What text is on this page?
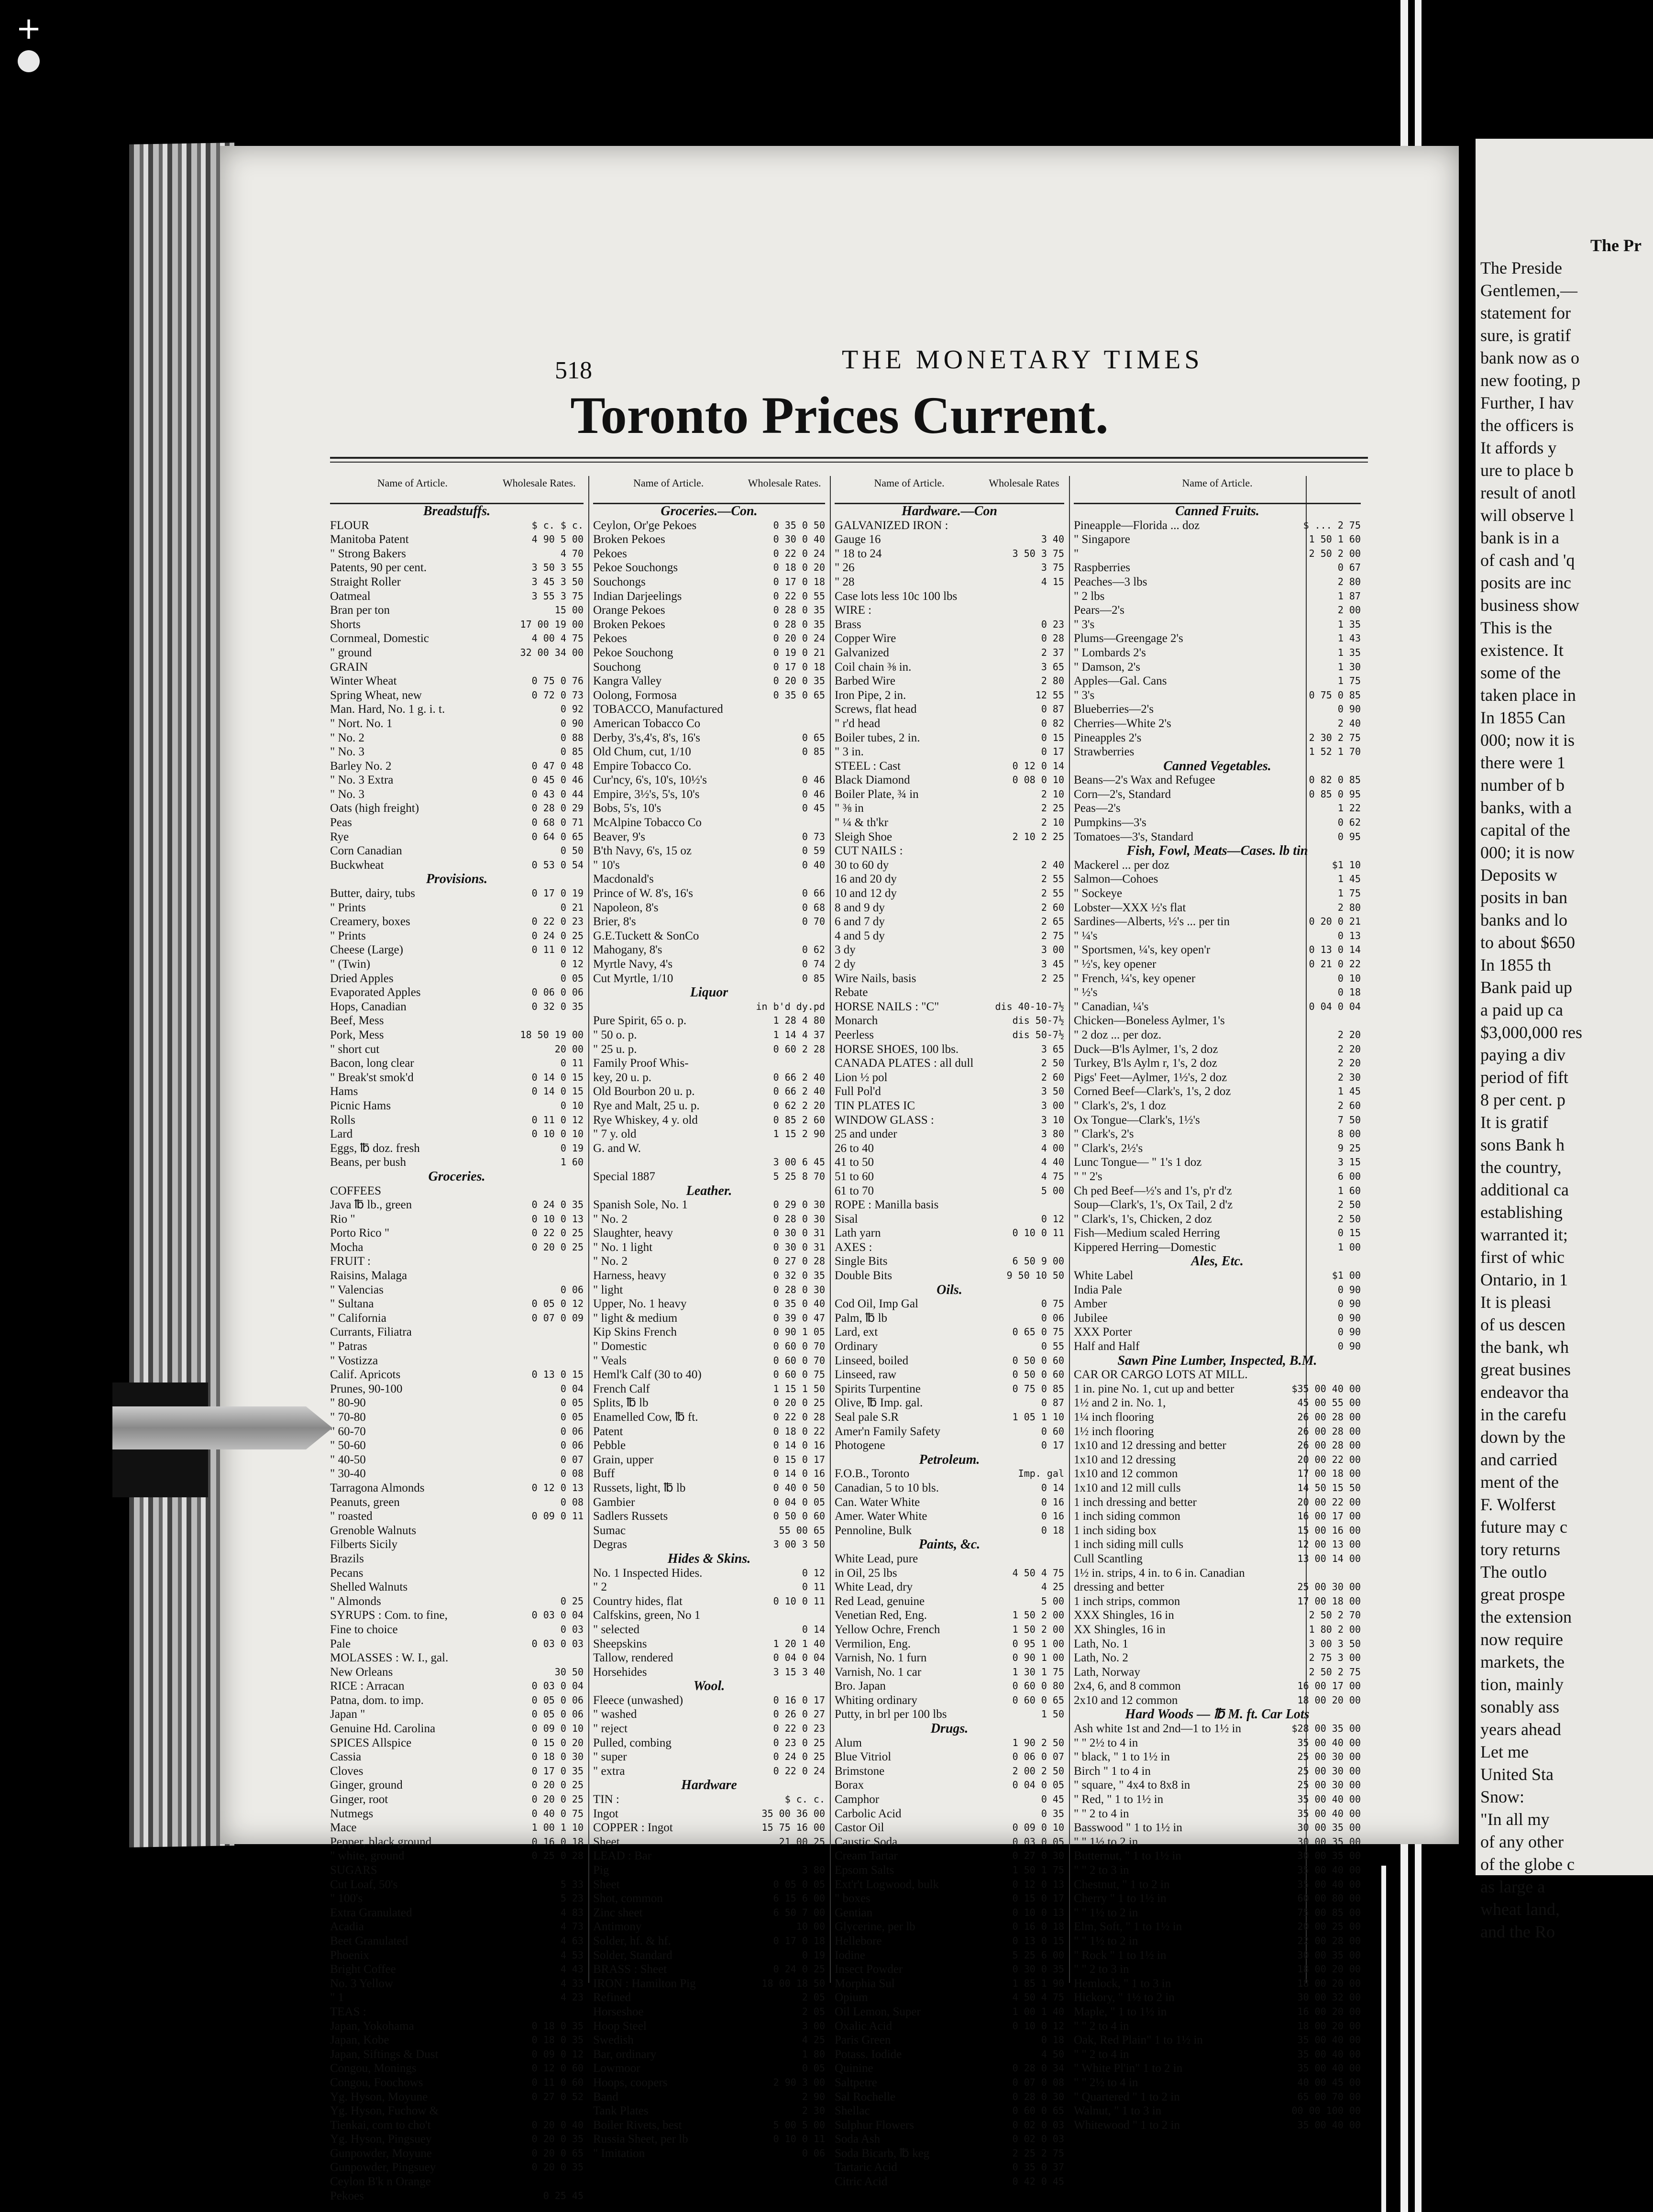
+
518	THE MONETARY TIMES
Toronto Prices Current.
Name of Article.	Wholesale Rates.
Breadstuffs.
FLOUR	$ c. $ c.
Manitoba Patent	4 90 5 00
" Strong Bakers	4 70
Patents, 90 per cent.	3 50 3 55
Straight Roller	3 45 3 50
Oatmeal	3 55 3 75
Bran per ton	15 00
Shorts	17 00 19 00
Cornmeal, Domestic	4 00 4 75
" ground	32 00 34 00
GRAIN
Winter Wheat	0 75 0 76
Spring Wheat, new	0 72 0 73
Man. Hard, No. 1 g. i. t.	0 92
" Nort. No. 1	0 90
" No. 2	0 88
" No. 3	0 85
Barley No. 2	0 47 0 48
" No. 3 Extra	0 45 0 46
" No. 3	0 43 0 44
Oats (high freight)	0 28 0 29
Peas	0 68 0 71
Rye	0 64 0 65
Corn Canadian	0 50
Buckwheat	0 53 0 54
Provisions.
Butter, dairy, tubs	0 17 0 19
" Prints	0 21
Creamery, boxes	0 22 0 23
" Prints	0 24 0 25
Cheese (Large)	0 11 0 12
" (Twin)	0 12
Dried Apples	0 05
Evaporated Apples	0 06 0 06
Hops, Canadian	0 32 0 35
Beef, Mess
Pork, Mess	18 50 19 00
" short cut	20 00
Bacon, long clear	0 11
" Break'st smok'd	0 14 0 15
Hams	0 14 0 15
Picnic Hams	0 10
Rolls	0 11 0 12
Lard	0 10 0 10
Eggs, ℔ doz. fresh	0 19
Beans, per bush	1 60
Groceries.
COFFEES
Java ℔ lb., green	0 24 0 35
Rio "	0 10 0 13
Porto Rico "	0 22 0 25
Mocha	0 20 0 25
FRUIT :
Raisins, Malaga
" Valencias	0 06
" Sultana	0 05 0 12
" California	0 07 0 09
Currants, Filiatra
" Patras
" Vostizza
Calif. Apricots	0 13 0 15
Prunes, 90-100	0 04
" 80-90	0 05
" 70-80	0 05
" 60-70	0 06
" 50-60	0 06
" 40-50	0 07
" 30-40	0 08
Tarragona Almonds	0 12 0 13
Peanuts, green	0 08
" roasted	0 09 0 11
Grenoble Walnuts
Filberts Sicily
Brazils
Pecans
Shelled Walnuts
" Almonds	0 25
SYRUPS : Com. to fine,	0 03 0 04
Fine to choice	0 03
Pale	0 03 0 03
MOLASSES : W. I., gal.
New Orleans	30 50
RICE : Arracan	0 03 0 04
Patna, dom. to imp.	0 05 0 06
Japan "	0 05 0 06
Genuine Hd. Carolina	0 09 0 10
SPICES Allspice	0 15 0 20
Cassia	0 18 0 30
Cloves	0 17 0 35
Ginger, ground	0 20 0 25
Ginger, root	0 20 0 25
Nutmegs	0 40 0 75
Mace	1 00 1 10
Pepper, black ground	0 16 0 18
" white, ground	0 25 0 28
SUGARS
Cut Loaf, 50's	5 33
" 100's	5 23
Extra Granulated	4 83
Acadia	4 73
Beet Granulated	4 63
Phoenix	4 53
Bright Coffee	4 43
No. 3 Yellow	4 33
" 1	4 23
TEAS :
Japan, Yokohama	0 18 0 35
Japan, Kobe	0 18 0 35
Japan, Siftings & Dust	0 09 0 12
Congou, Monings	0 12 0 60
Congou, Foochows	0 11 0 60
Yg. Hyson, Moyune	0 27 0 52
Yg. Hyson, Fuchow &
Tienkai, com to cho't	0 20 0 40
Yg. Hyson, Pingsuey	0 20 0 35
Gunpowder, Moyune	0 20 0 65
Gunpowder, Pingsuey	0 20 0 35
Ceylon B'k n Orange
Pekoes	0 25 45
Name of Article.	Wholesale Rates.
Groceries.—Con.
Ceylon, Or'ge Pekoes	0 35 0 50
Broken Pekoes	0 30 0 40
Pekoes	0 22 0 24
Pekoe Souchongs	0 18 0 20
Souchongs	0 17 0 18
Indian Darjeelings	0 22 0 55
Orange Pekoes	0 28 0 35
Broken Pekoes	0 28 0 35
Pekoes	0 20 0 24
Pekoe Souchong	0 19 0 21
Souchong	0 17 0 18
Kangra Valley	0 20 0 35
Oolong, Formosa	0 35 0 65
TOBACCO, Manufactured
American Tobacco Co
Derby, 3's,4's, 8's, 16's	0 65
Old Chum, cut, 1/10	0 85
Empire Tobacco Co.
Cur'ncy, 6's, 10's, 10½'s	0 46
Empire, 3½'s, 5's, 10's	0 46
Bobs, 5's, 10's	0 45
McAlpine Tobacco Co
Beaver, 9's	0 73
B'th Navy, 6's, 15 oz	0 59
" 10's	0 40
Macdonald's
Prince of W. 8's, 16's	0 66
Napoleon, 8's	0 68
Brier, 8's	0 70
G.E.Tuckett & SonCo
Mahogany, 8's	0 62
Myrtle Navy, 4's	0 74
Cut Myrtle, 1/10	0 85
Liquor
in b'd dy.pd
Pure Spirit, 65 o. p.	1 28 4 80
" 50 o. p.	1 14 4 37
" 25 u. p.	0 60 2 28
Family Proof Whis-
key, 20 u. p.	0 66 2 40
Old Bourbon 20 u. p.	0 66 2 40
Rye and Malt, 25 u. p.	0 62 2 20
Rye Whiskey, 4 y. old	0 85 2 60
" 7 y. old	1 15 2 90
G. and W.
3 00 6 45
Special 1887	5 25 8 70
Leather.
Spanish Sole, No. 1	0 29 0 30
" No. 2	0 28 0 30
Slaughter, heavy	0 30 0 31
" No. 1 light	0 30 0 31
" No. 2	0 27 0 28
Harness, heavy	0 32 0 35
" light	0 28 0 30
Upper, No. 1 heavy	0 35 0 40
" light & medium	0 39 0 47
Kip Skins French	0 90 1 05
" Domestic	0 60 0 70
" Veals	0 60 0 70
Heml'k Calf (30 to 40)	0 60 0 75
French Calf	1 15 1 50
Splits, ℔ lb	0 20 0 25
Enamelled Cow, ℔ ft.	0 22 0 28
Patent	0 18 0 22
Pebble	0 14 0 16
Grain, upper	0 15 0 17
Buff	0 14 0 16
Russets, light, ℔ lb	0 40 0 50
Gambier	0 04 0 05
Sadlers Russets	0 50 0 60
Sumac	55 00 65
Degras	3 00 3 50
Hides & Skins.
No. 1 Inspected Hides.	0 12
" 2	0 11
Country hides, flat	0 10 0 11
Calfskins, green, No 1
" selected	0 14
Sheepskins	1 20 1 40
Tallow, rendered	0 04 0 04
Horsehides	3 15 3 40
Wool.
Fleece (unwashed)	0 16 0 17
" washed	0 26 0 27
" reject	0 22 0 23
Pulled, combing	0 23 0 25
" super	0 24 0 25
" extra	0 22 0 24
Hardware
TIN :	$ c. c.
Ingot	35 00 36 00
COPPER : Ingot	15 75 16 00
Sheet	21 00 25
LEAD : Bar
Pig	3 80
Sheet	0 05 0 05
Shot, common	6 15 6 00
Zinc sheet	6 50 7 00
Antimony	10 00
Solder, hf. & hf.	0 17 0 18
Solder, Standard	0 19
BRASS : Sheet	0 24 0 25
IRON : Hamilton Pig	18 00 18 50
Refined	2 05
Horseshoe	2 05
Hoop Steel	3 00
Swedish	4 25
Bar, ordinary	1 80
Lowmoor	0 05
Hoops, coopers	2 90 3 00
Band	2 90
Tank Plates	2 30
Boiler Rivets, best	5 00 5 00
Russia Sheet, per lb	0 10 0 11
" Imitation	0 06
Name of Article.	Wholesale Rates
Hardware.—Con
GALVANIZED IRON :
Gauge 16	3 40
" 18 to 24	3 50 3 75
" 26	3 75
" 28	4 15
Case lots less 10c 100 lbs
WIRE :
Brass	0 23
Copper Wire	0 28
Galvanized	2 37
Coil chain ⅜ in.	3 65
Barbed Wire	2 80
Iron Pipe, 2 in.	12 55
Screws, flat head	0 87
" r'd head	0 82
Boiler tubes, 2 in.	0 15
" 3 in.	0 17
STEEL : Cast	0 12 0 14
Black Diamond	0 08 0 10
Boiler Plate, ¾ in	2 10
" ⅜ in	2 25
" ¼ & th'kr	2 10
Sleigh Shoe	2 10 2 25
CUT NAILS :
30 to 60 dy	2 40
16 and 20 dy	2 55
10 and 12 dy	2 55
8 and 9 dy	2 60
6 and 7 dy	2 65
4 and 5 dy	2 75
3 dy	3 00
2 dy	3 45
Wire Nails, basis	2 25
Rebate
HORSE NAILS : "C"	dis 40-10-7½
Monarch	dis 50-7½
Peerless	dis 50-7½
HORSE SHOES, 100 lbs.	3 65
CANADA PLATES : all dull	2 50
Lion ½ pol	2 60
Full Pol'd	3 50
TIN PLATES IC	3 00
WINDOW GLASS :	3 10
25 and under	3 80
26 to 40	4 00
41 to 50	4 40
51 to 60	4 75
61 to 70	5 00
ROPE : Manilla basis
Sisal	0 12
Lath yarn	0 10 0 11
AXES :
Single Bits	6 50 9 00
Double Bits	9 50 10 50
Oils.
Cod Oil, Imp Gal	0 75
Palm, ℔ lb	0 06
Lard, ext	0 65 0 75
Ordinary	0 55
Linseed, boiled	0 50 0 60
Linseed, raw	0 50 0 60
Spirits Turpentine	0 75 0 85
Olive, ℔ Imp. gal.	0 87
Seal pale S.R	1 05 1 10
Amer'n Family Safety	0 60
Photogene	0 17
Petroleum.
F.O.B., Toronto	Imp. gal
Canadian, 5 to 10 bls.	0 14
Can. Water White	0 16
Amer. Water White	0 16
Pennoline, Bulk	0 18
Paints, &c.
White Lead, pure
in Oil, 25 lbs	4 50 4 75
White Lead, dry	4 25
Red Lead, genuine	5 00
Venetian Red, Eng.	1 50 2 00
Yellow Ochre, French	1 50 2 00
Vermilion, Eng.	0 95 1 00
Varnish, No. 1 furn	0 90 1 00
Varnish, No. 1 car	1 30 1 75
Bro. Japan	0 60 0 80
Whiting ordinary	0 60 0 65
Putty, in brl per 100 lbs	1 50
Drugs.
Alum	1 90 2 50
Blue Vitriol	0 06 0 07
Brimstone	2 00 2 50
Borax	0 04 0 05
Camphor	0 45
Carbolic Acid	0 35
Castor Oil	0 09 0 10
Caustic Soda	0 03 0 05
Cream Tartar	0 27 0 30
Epsom Salts	1 50 1 75
Ext'r't Logwood, bulk	0 12 0 13
" boxes	0 15 0 17
Gentian	0 10 0 13
Glycerine, per lb	0 16 0 18
Hellebore	0 13 0 15
Iodine	5 25 6 00
Insect Powder	0 30 0 35
Morphia Sul	1 85 1 90
Opium	4 50 4 75
Oil Lemon, Super	1 00 1 40
Oxalic Acid	0 10 0 12
Paris Green	0 18
Potass. Iodide	4 50
Quinine	0 28 0 34
Saltpetre	0 07 0 08
Sal Rochelle	0 28 0 30
Shellac	0 60 0 65
Sulphur Flowers	0 02 0 03
Soda Ash	0 02 0 03
Soda Bicarb, ℔ keg	2 25 2 75
Tartaric Acid	0 35 0 37
Citric Acid	0 42 0 45
Name of Article.
Canned Fruits.
Pineapple—Florida ... doz	$ ... 2 75
" Singapore	1 50 1 60
"	2 50 2 00
Raspberries	0 67
Peaches—3 lbs	2 80
" 2 lbs	1 87
Pears—2's	2 00
" 3's	1 35
Plums—Greengage 2's	1 43
" Lombards 2's	1 35
" Damson, 2's	1 30
Apples—Gal. Cans	1 75
" 3's	0 75 0 85
Blueberries—2's	0 90
Cherries—White 2's	2 40
Pineapples 2's	2 30 2 75
Strawberries	1 52 1 70
Canned Vegetables.
Beans—2's Wax and Refugee	0 82 0 85
Corn—2's, Standard	0 85 0 95
Peas—2's	1 22
Pumpkins—3's	0 62
Tomatoes—3's, Standard	0 95
Fish, Fowl, Meats—Cases. lb tin
Mackerel ... per doz	$1 10
Salmon—Cohoes	1 45
" Sockeye	1 75
Lobster—XXX ½'s flat	2 80
Sardines—Alberts, ½'s ... per tin	0 20 0 21
" ¼'s	0 13
" Sportsmen, ¼'s, key open'r	0 13 0 14
" ½'s, key opener	0 21 0 22
" French, ¼'s, key opener	0 10
" ½'s	0 18
" Canadian, ¼'s	0 04 0 04
Chicken—Boneless Aylmer, 1's
" 2 doz ... per doz.	2 20
Duck—B'ls Aylmer, 1's, 2 doz	2 20
Turkey, B'ls Aylm r, 1's, 2 doz	2 20
Pigs' Feet—Aylmer, 1½'s, 2 doz	2 30
Corned Beef—Clark's, 1's, 2 doz	1 45
" Clark's, 2's, 1 doz	2 60
Ox Tongue—Clark's, 1½'s	7 50
" Clark's, 2's	8 00
" Clark's, 2½'s	9 25
Lunc Tongue— " 1's 1 doz	3 15
" " 2's	6 00
Ch ped Beef—½'s and 1's, p'r d'z	1 60
Soup—Clark's, 1's, Ox Tail, 2 d'z	2 50
" Clark's, 1's, Chicken, 2 doz	2 50
Fish—Medium scaled Herring	0 15
Kippered Herring—Domestic	1 00
Ales, Etc.
White Label	$1 00
India Pale	0 90
Amber	0 90
Jubilee	0 90
XXX Porter	0 90
Half and Half	0 90
Sawn Pine Lumber, Inspected, B.M.
CAR OR CARGO LOTS AT MILL.
1 in. pine No. 1, cut up and better	$35 00 40 00
1½ and 2 in. No. 1,	45 00 55 00
1¼ inch flooring	26 00 28 00
1½ inch flooring	26 00 28 00
1x10 and 12 dressing and better	26 00 28 00
1x10 and 12 dressing	20 00 22 00
1x10 and 12 common	17 00 18 00
1x10 and 12 mill culls	14 50 15 50
1 inch dressing and better	20 00 22 00
1 inch siding common	16 00 17 00
1 inch siding box	15 00 16 00
1 inch siding mill culls	12 00 13 00
Cull Scantling	13 00 14 00
1½ in. strips, 4 in. to 6 in. Canadian
dressing and better	25 00 30 00
1 inch strips, common	17 00 18 00
XXX Shingles, 16 in	2 50 2 70
XX Shingles, 16 in	1 80 2 00
Lath, No. 1	3 00 3 50
Lath, No. 2	2 75 3 00
Lath, Norway	2 50 2 75
2x4, 6, and 8 common	16 00 17 00
2x10 and 12 common	18 00 20 00
Hard Woods — ℔ M. ft. Car Lots
Ash white 1st and 2nd—1 to 1½ in	$28 00 35 00
" " 2½ to 4 in	35 00 40 00
" black, " 1 to 1½ in	25 00 30 00
Birch " 1 to 4 in	25 00 30 00
" square, " 4x4 to 8x8 in	25 00 30 00
" Red, " 1 to 1½ in	35 00 40 00
" " 2 to 4 in	35 00 40 00
Basswood " 1 to 1½ in	30 00 35 00
" " 1½ to 2 in	30 00 35 00
Butternut, " 1 to 1½ in	30 00 35 00
" " 2 to 3 in	35 00 40 00
Chestnut, " 1 to 2 in	35 00 40 00
Cherry " 1 to 1½ in	60 00 80 00
" " 1½ to 2 in	75 00 85 00
Elm, Soft, " 1 to 1½ in	20 00 25 00
" " 1½ to 2 in	22 00 28 00
" Rock " 1 to 1½ in	30 00 35 00
" " 2 to 3 in	18 00 20 00
Hemlock, " 1 to 3 in	18 00 20 00
Hickory, " 1½ to 2 in	30 00 32 00
Maple, " 1 to 1½ in	16 00 20 00
" " 2 to 4 in	18 00 20 00
Oak, Red Plain" 1 to 1½ in	35 00 40 00
" " 2 to 4 in	35 00 40 00
" White Pl'in" 1 to 2 in	35 00 40 00
" " 2½ to 4 in	40 00 45 00
" Quartered " 1 to 2 in	65 00 70 00
Walnut, " 1 to 3 in	00 00 100 00
Whitewood " 1 to 2 in	35 00 40 00

The Pr

The Preside

Gentlemen,—

statement for

sure, is gratif

bank now as o

new footing, p

Further, I hav

the officers is

It affords y

ure to place b

result of anotl

will observe l

bank is in a

of cash and 'q

posits are inc

business show

This is the

existence. It

some of the

taken place in

In 1855 Can

000; now it is

there were 1

number of b

banks, with a

capital of the

000; it is now

Deposits w

posits in ban

banks and lo

to about $650

In 1855 th

Bank paid up

a paid up ca

$3,000,000 res

paying a div

period of fift

8 per cent. p

It is gratif

sons Bank h

the country,

additional ca

establishing

warranted it;

first of whic

Ontario, in 1

It is pleasi

of us descen

the bank, wh

great busines

endeavor tha

in the carefu

down by the

and carried

ment of the

F. Wolferst

future may c

tory returns

The outlo

great prospe

the extension

now require

markets, the

tion, mainly

sonably ass

years ahead

Let me

United Sta

Snow:

"In all my

of any other

of the globe c

as large a

wheat land,

and the Ro
